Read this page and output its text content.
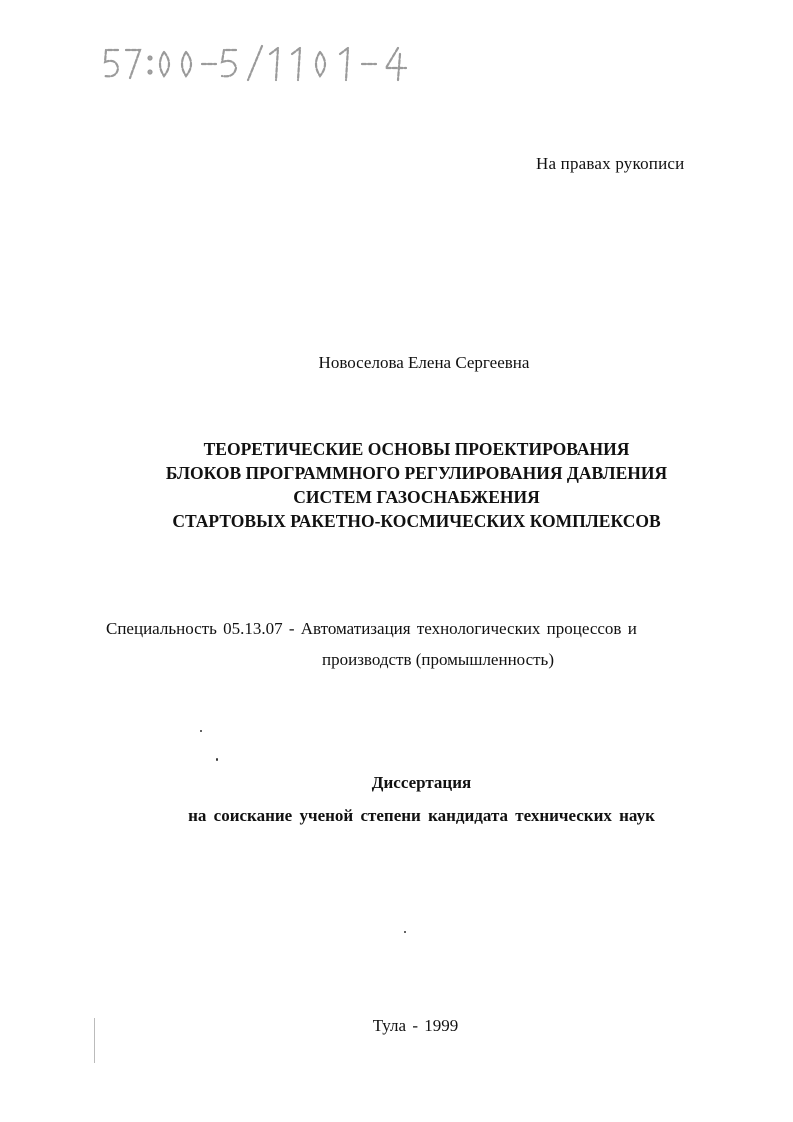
На правах рукописи
Новоселова Елена Сергеевна
ТЕОРЕТИЧЕСКИЕ ОСНОВЫ ПРОЕКТИРОВАНИЯ
БЛОКОВ ПРОГРАММНОГО РЕГУЛИРОВАНИЯ ДАВЛЕНИЯ
СИСТЕМ ГАЗОСНАБЖЕНИЯ
СТАРТОВЫХ РАКЕТНО-КОСМИЧЕСКИХ КОМПЛЕКСОВ
Специальность 05.13.07 - Автоматизация технологических процессов и
производств (промышленность)
Диссертация
на соискание ученой степени кандидата технических наук
Тула - 1999
